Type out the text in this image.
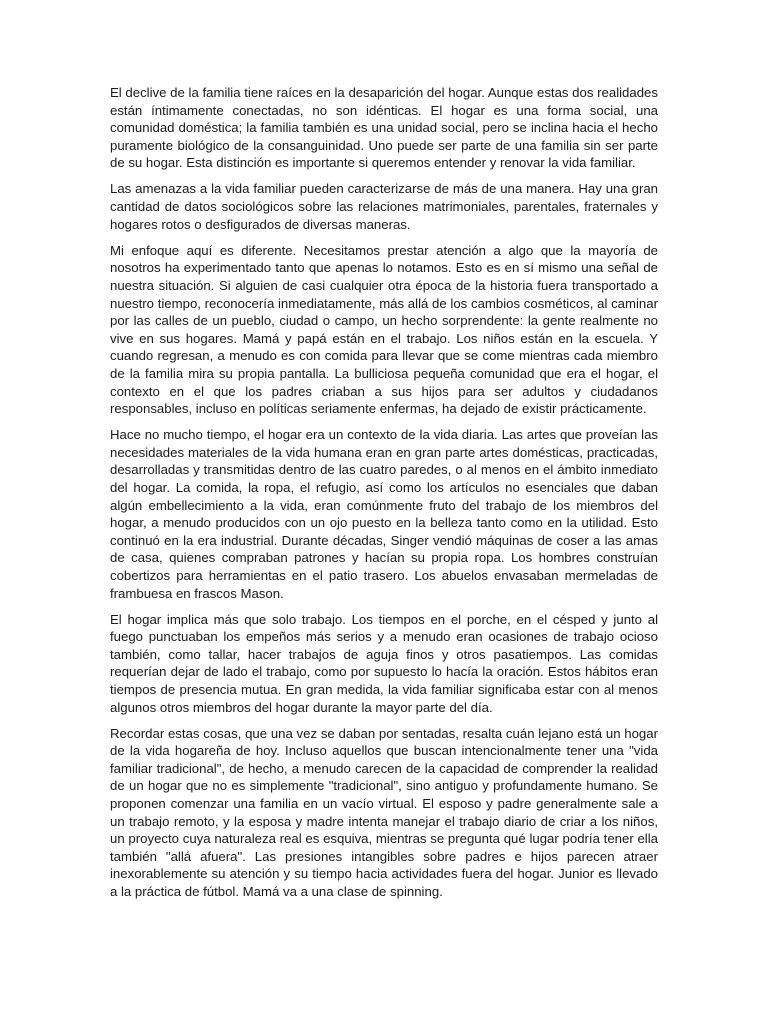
El declive de la familia tiene raíces en la desaparición del hogar. Aunque estas dos realidades están íntimamente conectadas, no son idénticas. El hogar es una forma social, una comunidad doméstica; la familia también es una unidad social, pero se inclina hacia el hecho puramente biológico de la consanguinidad. Uno puede ser parte de una familia sin ser parte de su hogar. Esta distinción es importante si queremos entender y renovar la vida familiar.

Las amenazas a la vida familiar pueden caracterizarse de más de una manera. Hay una gran cantidad de datos sociológicos sobre las relaciones matrimoniales, parentales, fraternales y hogares rotos o desfigurados de diversas maneras.

Mi enfoque aquí es diferente. Necesitamos prestar atención a algo que la mayoría de nosotros ha experimentado tanto que apenas lo notamos. Esto es en sí mismo una señal de nuestra situación. Si alguien de casi cualquier otra época de la historia fuera transportado a nuestro tiempo, reconocería inmediatamente, más allá de los cambios cosméticos, al caminar por las calles de un pueblo, ciudad o campo, un hecho sorprendente: la gente realmente no vive en sus hogares. Mamá y papá están en el trabajo. Los niños están en la escuela. Y cuando regresan, a menudo es con comida para llevar que se come mientras cada miembro de la familia mira su propia pantalla. La bulliciosa pequeña comunidad que era el hogar, el contexto en el que los padres criaban a sus hijos para ser adultos y ciudadanos responsables, incluso en políticas seriamente enfermas, ha dejado de existir prácticamente.

Hace no mucho tiempo, el hogar era un contexto de la vida diaria. Las artes que proveían las necesidades materiales de la vida humana eran en gran parte artes domésticas, practicadas, desarrolladas y transmitidas dentro de las cuatro paredes, o al menos en el ámbito inmediato del hogar. La comida, la ropa, el refugio, así como los artículos no esenciales que daban algún embellecimiento a la vida, eran comúnmente fruto del trabajo de los miembros del hogar, a menudo producidos con un ojo puesto en la belleza tanto como en la utilidad. Esto continuó en la era industrial. Durante décadas, Singer vendió máquinas de coser a las amas de casa, quienes compraban patrones y hacían su propia ropa. Los hombres construían cobertizos para herramientas en el patio trasero. Los abuelos envasaban mermeladas de frambuesa en frascos Mason.

El hogar implica más que solo trabajo. Los tiempos en el porche, en el césped y junto al fuego punctuaban los empeños más serios y a menudo eran ocasiones de trabajo ocioso también, como tallar, hacer trabajos de aguja finos y otros pasatiempos. Las comidas requerían dejar de lado el trabajo, como por supuesto lo hacía la oración. Estos hábitos eran tiempos de presencia mutua. En gran medida, la vida familiar significaba estar con al menos algunos otros miembros del hogar durante la mayor parte del día.

Recordar estas cosas, que una vez se daban por sentadas, resalta cuán lejano está un hogar de la vida hogareña de hoy. Incluso aquellos que buscan intencionalmente tener una "vida familiar tradicional", de hecho, a menudo carecen de la capacidad de comprender la realidad de un hogar que no es simplemente "tradicional", sino antiguo y profundamente humano. Se proponen comenzar una familia en un vacío virtual. El esposo y padre generalmente sale a un trabajo remoto, y la esposa y madre intenta manejar el trabajo diario de criar a los niños, un proyecto cuya naturaleza real es esquiva, mientras se pregunta qué lugar podría tener ella también "allá afuera". Las presiones intangibles sobre padres e hijos parecen atraer inexorablemente su atención y su tiempo hacia actividades fuera del hogar. Junior es llevado a la práctica de fútbol. Mamá va a una clase de spinning.
